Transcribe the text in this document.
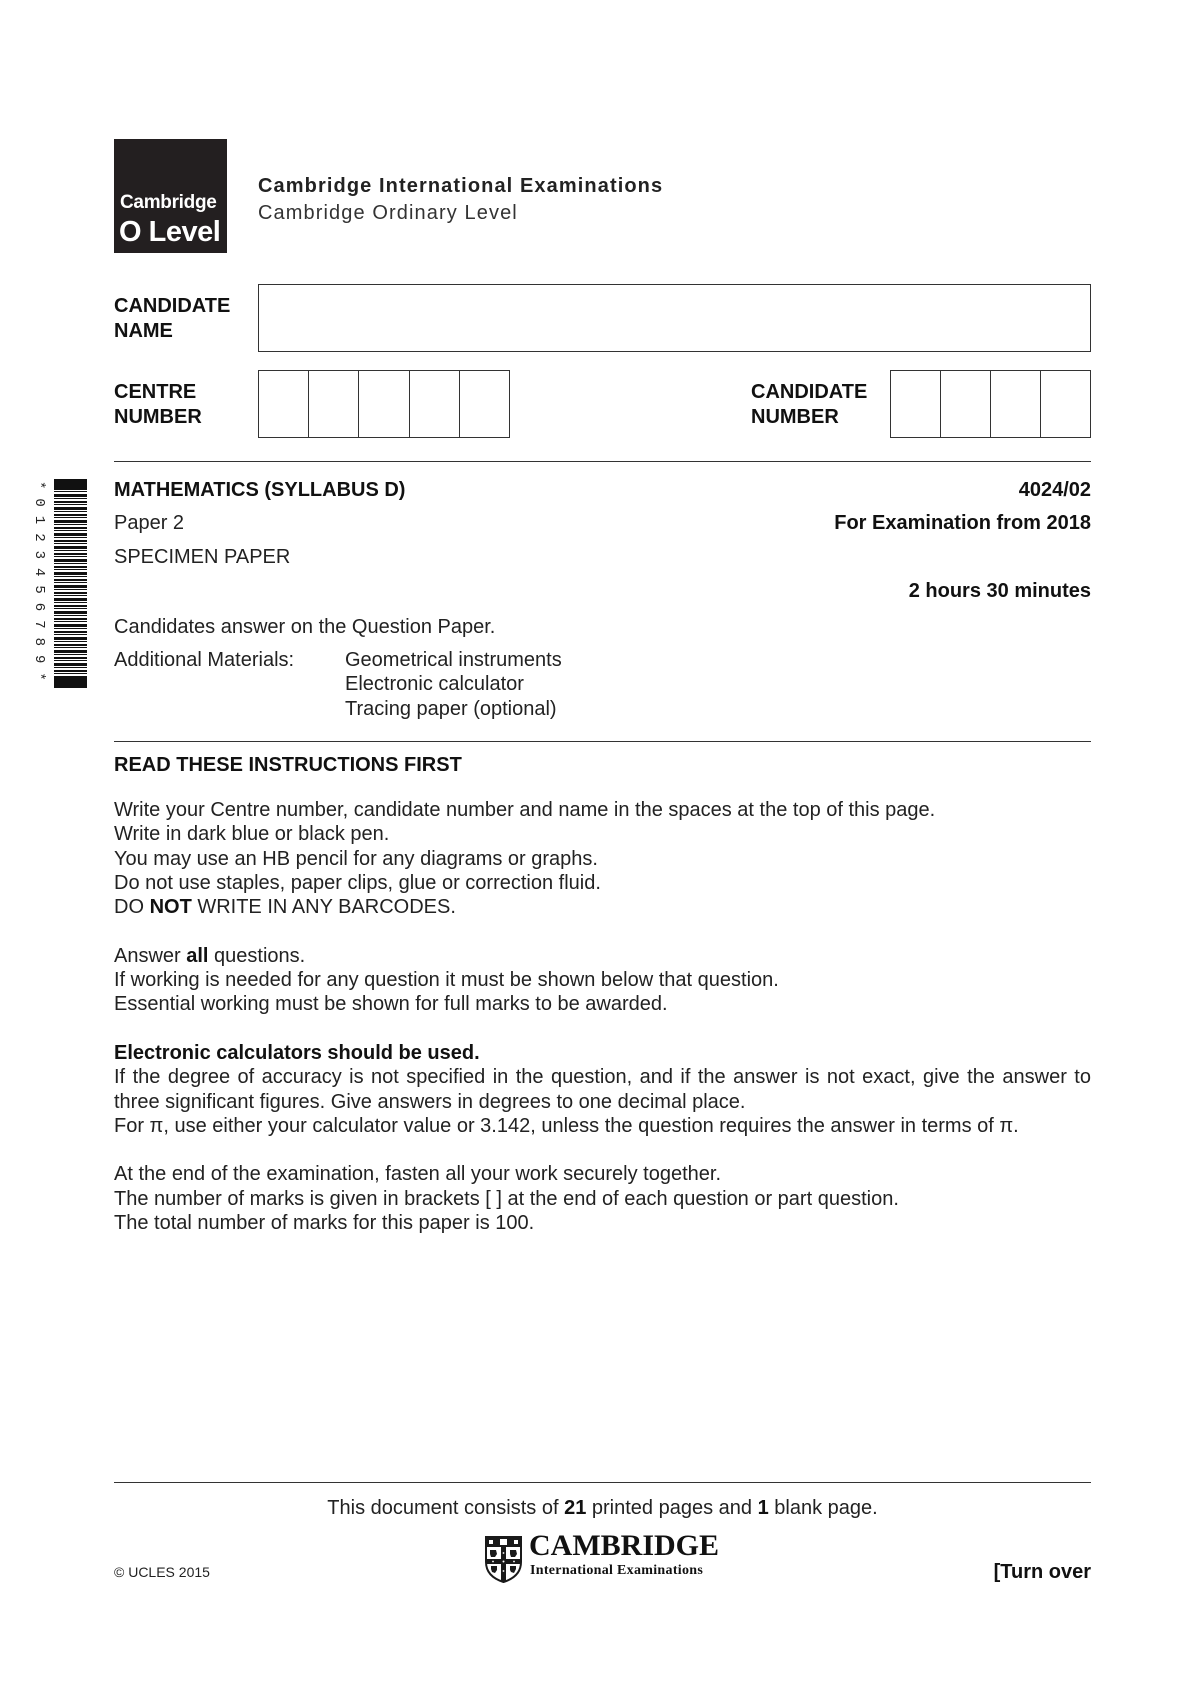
Cambridge
O Level
Cambridge International Examinations
Cambridge Ordinary Level
CANDIDATE
NAME
CENTRE
NUMBER
CANDIDATE
NUMBER
*0123456789*	MATHEMATICS (SYLLABUS D)	4024/02
Paper 2	For Examination from 2018
SPECIMEN PAPER
2 hours 30 minutes
Candidates answer on the Question Paper.
Additional Materials:	Geometrical instruments
Electronic calculator
Tracing paper (optional)
READ THESE INSTRUCTIONS FIRST
Write your Centre number, candidate number and name in the spaces at the top of this page.
Write in dark blue or black pen.
You may use an HB pencil for any diagrams or graphs.
Do not use staples, paper clips, glue or correction fluid.
DO NOT WRITE IN ANY BARCODES.
Answer all questions.
If working is needed for any question it must be shown below that question.
Essential working must be shown for full marks to be awarded.
Electronic calculators should be used.
If the degree of accuracy is not specified in the question, and if the answer is not exact, give the answer to
three significant figures. Give answers in degrees to one decimal place.
For π, use either your calculator value or 3.142, unless the question requires the answer in terms of π.
At the end of the examination, fasten all your work securely together.
The number of marks is given in brackets [ ] at the end of each question or part question.
The total number of marks for this paper is 100.
This document consists of 21 printed pages and 1 blank page.
© UCLES 2015
CAMBRIDGE
International Examinations	[Turn over
